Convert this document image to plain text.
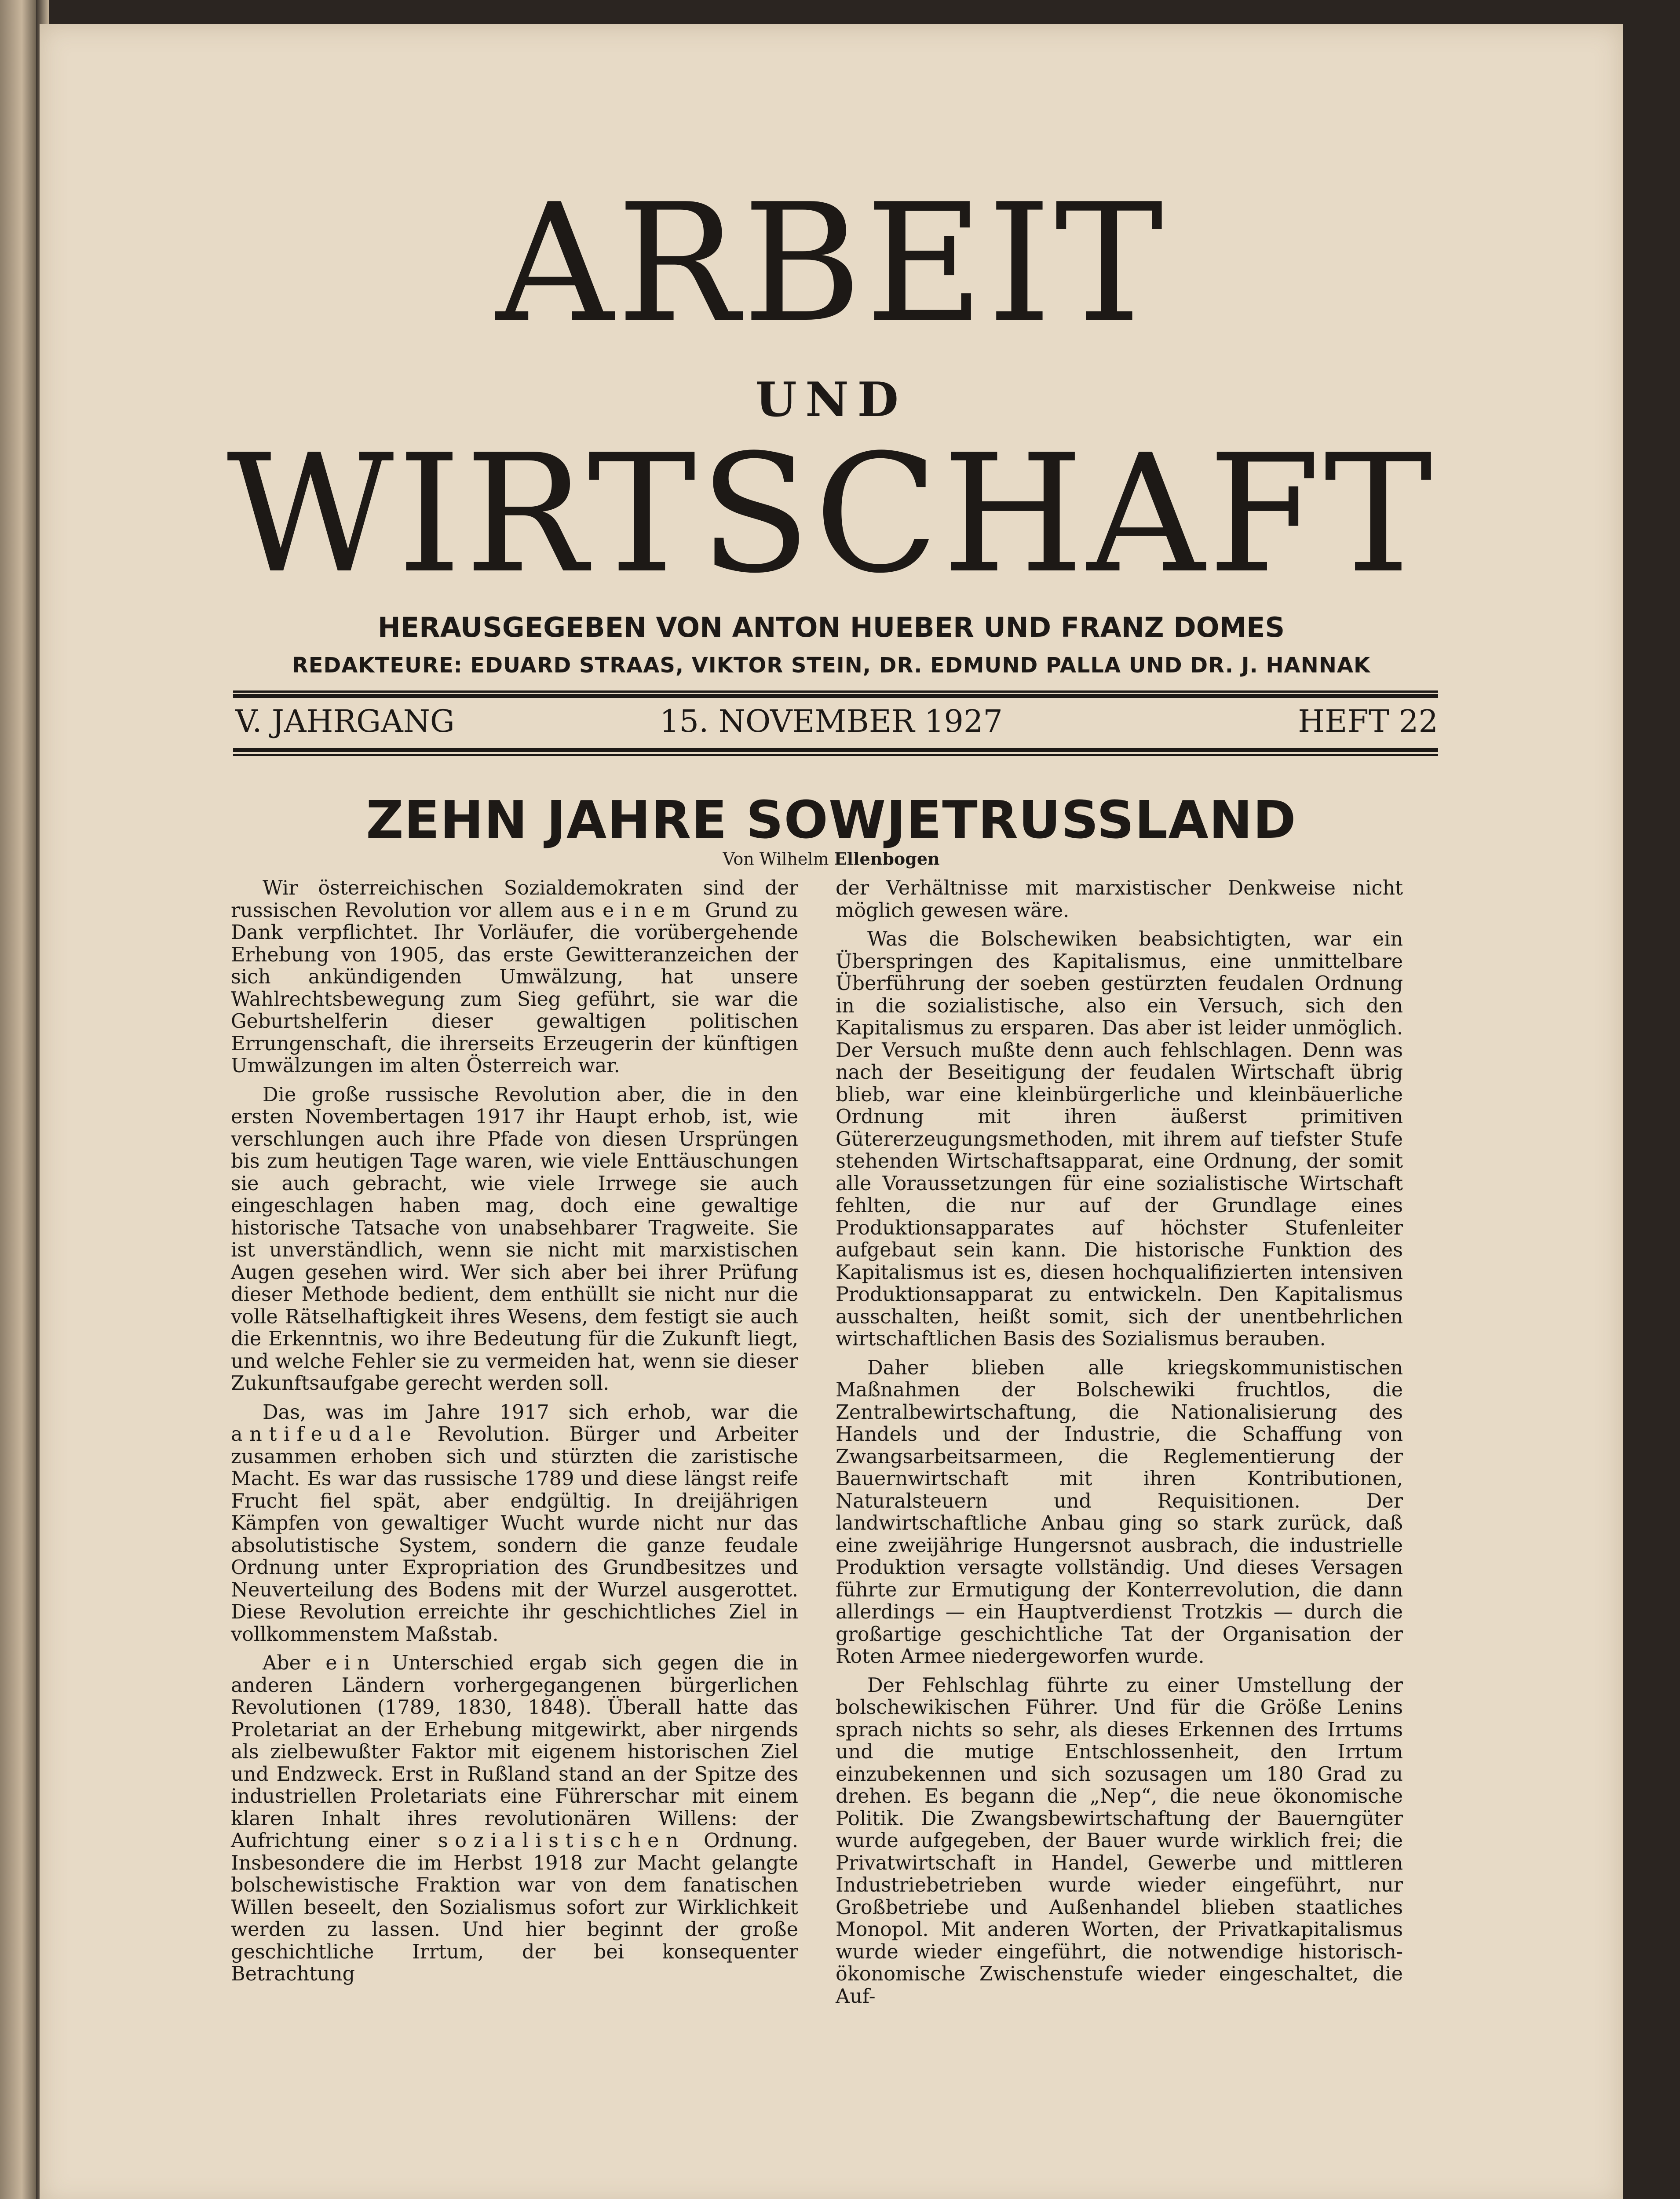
ARBEIT
UND
WIRTSCHAFT
HERAUSGEGEBEN VON ANTON HUEBER UND FRANZ DOMES
REDAKTEURE: EDUARD STRAAS, VIKTOR STEIN, DR. EDMUND PALLA UND DR. J. HANNAK
V. JAHRGANG	15. NOVEMBER 1927	HEFT 22
ZEHN JAHRE SOWJETRUSSLAND
Von Wilhelm Ellenbogen

Wir österreichischen Sozialdemokraten sind der russischen Revolution vor allem aus einem Grund zu Dank verpflichtet. Ihr Vorläufer, die vorübergehende Erhebung von 1905, das erste Gewitteranzeichen der sich ankündigenden Umwälzung, hat unsere Wahlrechtsbewegung zum Sieg geführt, sie war die Geburtshelferin dieser gewaltigen politischen Errungenschaft, die ihrerseits Erzeugerin der künftigen Umwälzungen im alten Österreich war.

Die große russische Revolution aber, die in den ersten Novembertagen 1917 ihr Haupt erhob, ist, wie verschlungen auch ihre Pfade von diesen Ursprüngen bis zum heutigen Tage waren, wie viele Enttäuschungen sie auch gebracht, wie viele Irrwege sie auch eingeschlagen haben mag, doch eine gewaltige historische Tatsache von unabsehbarer Tragweite. Sie ist unverständlich, wenn sie nicht mit marxistischen Augen gesehen wird. Wer sich aber bei ihrer Prüfung dieser Methode bedient, dem enthüllt sie nicht nur die volle Rätselhaftigkeit ihres Wesens, dem festigt sie auch die Erkenntnis, wo ihre Bedeutung für die Zukunft liegt, und welche Fehler sie zu vermeiden hat, wenn sie dieser Zukunftsaufgabe gerecht werden soll.

Das, was im Jahre 1917 sich erhob, war die antifeudale Revolution. Bürger und Arbeiter zusammen erhoben sich und stürzten die zaristische Macht. Es war das russische 1789 und diese längst reife Frucht fiel spät, aber endgültig. In dreijährigen Kämpfen von gewaltiger Wucht wurde nicht nur das absolutistische System, sondern die ganze feudale Ordnung unter Expropriation des Grundbesitzes und Neuverteilung des Bodens mit der Wurzel ausgerottet. Diese Revolution erreichte ihr geschichtliches Ziel in vollkommenstem Maßstab.

Aber ein Unterschied ergab sich gegen die in anderen Ländern vorhergegangenen bürgerlichen Revolutionen (1789, 1830, 1848). Überall hatte das Proletariat an der Erhebung mitgewirkt, aber nirgends als zielbewußter Faktor mit eigenem historischen Ziel und Endzweck. Erst in Rußland stand an der Spitze des industriellen Proletariats eine Führerschar mit einem klaren Inhalt ihres revolutionären Willens: der Aufrichtung einer sozialistischen Ordnung. Insbesondere die im Herbst 1918 zur Macht gelangte bolschewistische Fraktion war von dem fanatischen Willen beseelt, den Sozialismus sofort zur Wirklichkeit werden zu lassen. Und hier beginnt der große geschichtliche Irrtum, der bei konsequenter Betrachtung

der Verhältnisse mit marxistischer Denkweise nicht möglich gewesen wäre.

Was die Bolschewiken beabsichtigten, war ein Überspringen des Kapitalismus, eine unmittelbare Überführung der soeben gestürzten feudalen Ordnung in die sozialistische, also ein Versuch, sich den Kapitalismus zu ersparen. Das aber ist leider unmöglich. Der Versuch mußte denn auch fehlschlagen. Denn was nach der Beseitigung der feudalen Wirtschaft übrig blieb, war eine kleinbürgerliche und kleinbäuerliche Ordnung mit ihren äußerst primitiven Gütererzeugungsmethoden, mit ihrem auf tiefster Stufe stehenden Wirtschaftsapparat, eine Ordnung, der somit alle Voraussetzungen für eine sozialistische Wirtschaft fehlten, die nur auf der Grundlage eines Produktionsapparates auf höchster Stufenleiter aufgebaut sein kann. Die historische Funktion des Kapitalismus ist es, diesen hochqualifizierten intensiven Produktionsapparat zu entwickeln. Den Kapitalismus ausschalten, heißt somit, sich der unentbehrlichen wirtschaftlichen Basis des Sozialismus berauben.

Daher blieben alle kriegskommunistischen Maßnahmen der Bolschewiki fruchtlos, die Zentralbewirtschaftung, die Nationalisierung des Handels und der Industrie, die Schaffung von Zwangsarbeitsarmeen, die Reglementierung der Bauernwirtschaft mit ihren Kontributionen, Naturalsteuern und Requisitionen. Der landwirtschaftliche Anbau ging so stark zurück, daß eine zweijährige Hungersnot ausbrach, die industrielle Produktion versagte vollständig. Und dieses Versagen führte zur Ermutigung der Konterrevolution, die dann allerdings — ein Hauptverdienst Trotzkis — durch die großartige geschichtliche Tat der Organisation der Roten Armee niedergeworfen wurde.

Der Fehlschlag führte zu einer Umstellung der bolschewikischen Führer. Und für die Größe Lenins sprach nichts so sehr, als dieses Erkennen des Irrtums und die mutige Entschlossenheit, den Irrtum einzubekennen und sich sozusagen um 180 Grad zu drehen. Es begann die „Nep“, die neue ökonomische Politik. Die Zwangsbewirtschaftung der Bauerngüter wurde aufgegeben, der Bauer wurde wirklich frei; die Privatwirtschaft in Handel, Gewerbe und mittleren Industriebetrieben wurde wieder eingeführt, nur Großbetriebe und Außenhandel blieben staatliches Monopol. Mit anderen Worten, der Privatkapitalismus wurde wieder eingeführt, die notwendige historisch-ökonomische Zwischenstufe wieder eingeschaltet, die Auf-
